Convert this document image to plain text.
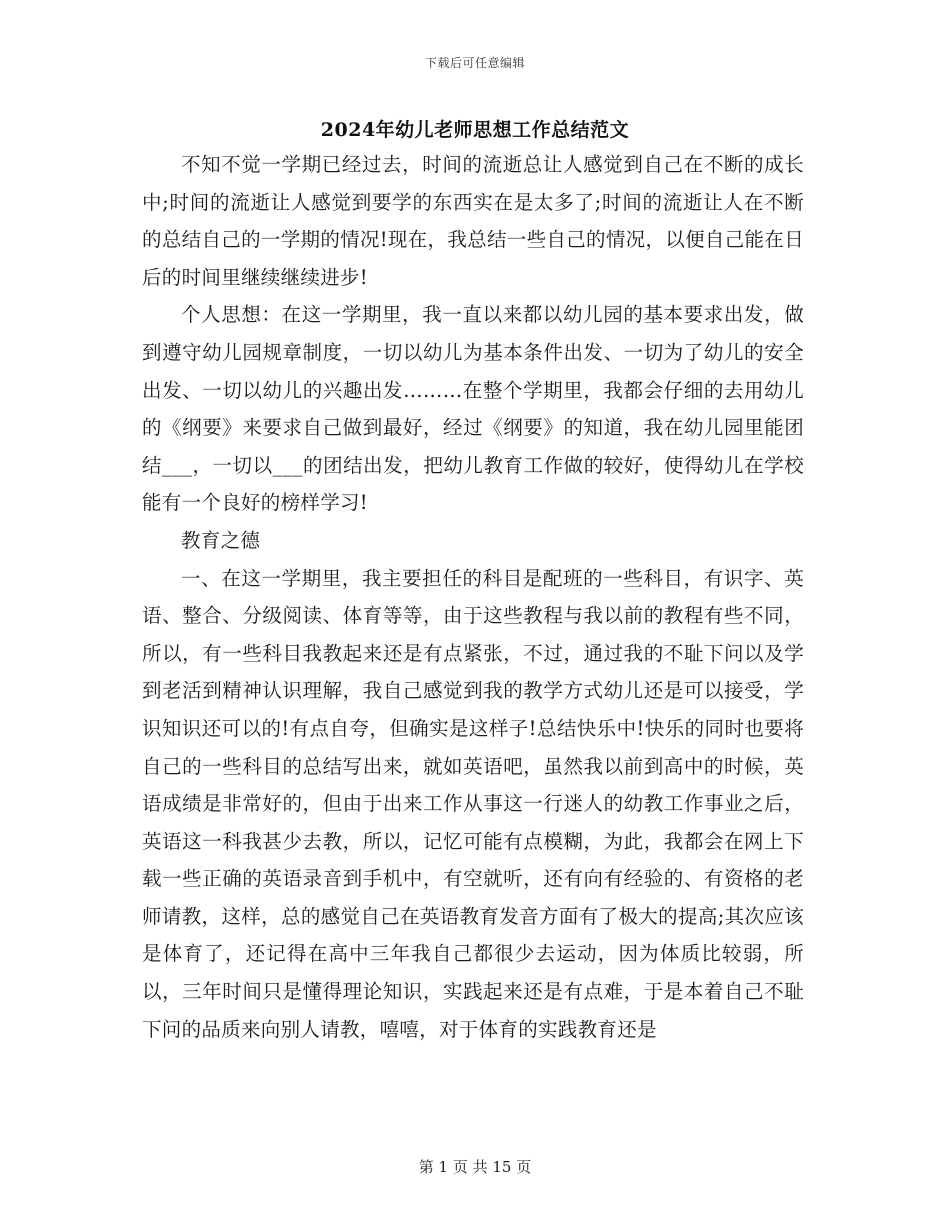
下载后可任意编辑
2024年幼儿老师思想工作总结范文

不知不觉一学期已经过去，时间的流逝总让人感觉到自己在不断的成长中;时间的流逝让人感觉到要学的东西实在是太多了;时间的流逝让人在不断的总结自己的一学期的情况!现在，我总结一些自己的情况，以便自己能在日后的时间里继续继续进步!

个人思想：在这一学期里，我一直以来都以幼儿园的基本要求出发，做到遵守幼儿园规章制度，一切以幼儿为基本条件出发、一切为了幼儿的安全出发、一切以幼儿的兴趣出发………在整个学期里，我都会仔细的去用幼儿的《纲要》来要求自己做到最好，经过《纲要》的知道，我在幼儿园里能团结___，一切以___的团结出发，把幼儿教育工作做的较好，使得幼儿在学校能有一个良好的榜样学习!

教育之德

一、在这一学期里，我主要担任的科目是配班的一些科目，有识字、英语、整合、分级阅读、体育等等，由于这些教程与我以前的教程有些不同，所以，有一些科目我教起来还是有点紧张，不过，通过我的不耻下问以及学到老活到精神认识理解，我自己感觉到我的教学方式幼儿还是可以接受，学识知识还可以的!有点自夸，但确实是这样子!总结快乐中!快乐的同时也要将自己的一些科目的总结写出来，就如英语吧，虽然我以前到高中的时候，英语成绩是非常好的，但由于出来工作从事这一行迷人的幼教工作事业之后，英语这一科我甚少去教，所以，记忆可能有点模糊，为此，我都会在网上下载一些正确的英语录音到手机中，有空就听，还有向有经验的、有资格的老师请教，这样，总的感觉自己在英语教育发音方面有了极大的提高;其次应该是体育了，还记得在高中三年我自己都很少去运动，因为体质比较弱，所以，三年时间只是懂得理论知识，实践起来还是有点难，于是本着自己不耻下问的品质来向别人请教，嘻嘻，对于体育的实践教育还是

第 1 页 共 15 页
